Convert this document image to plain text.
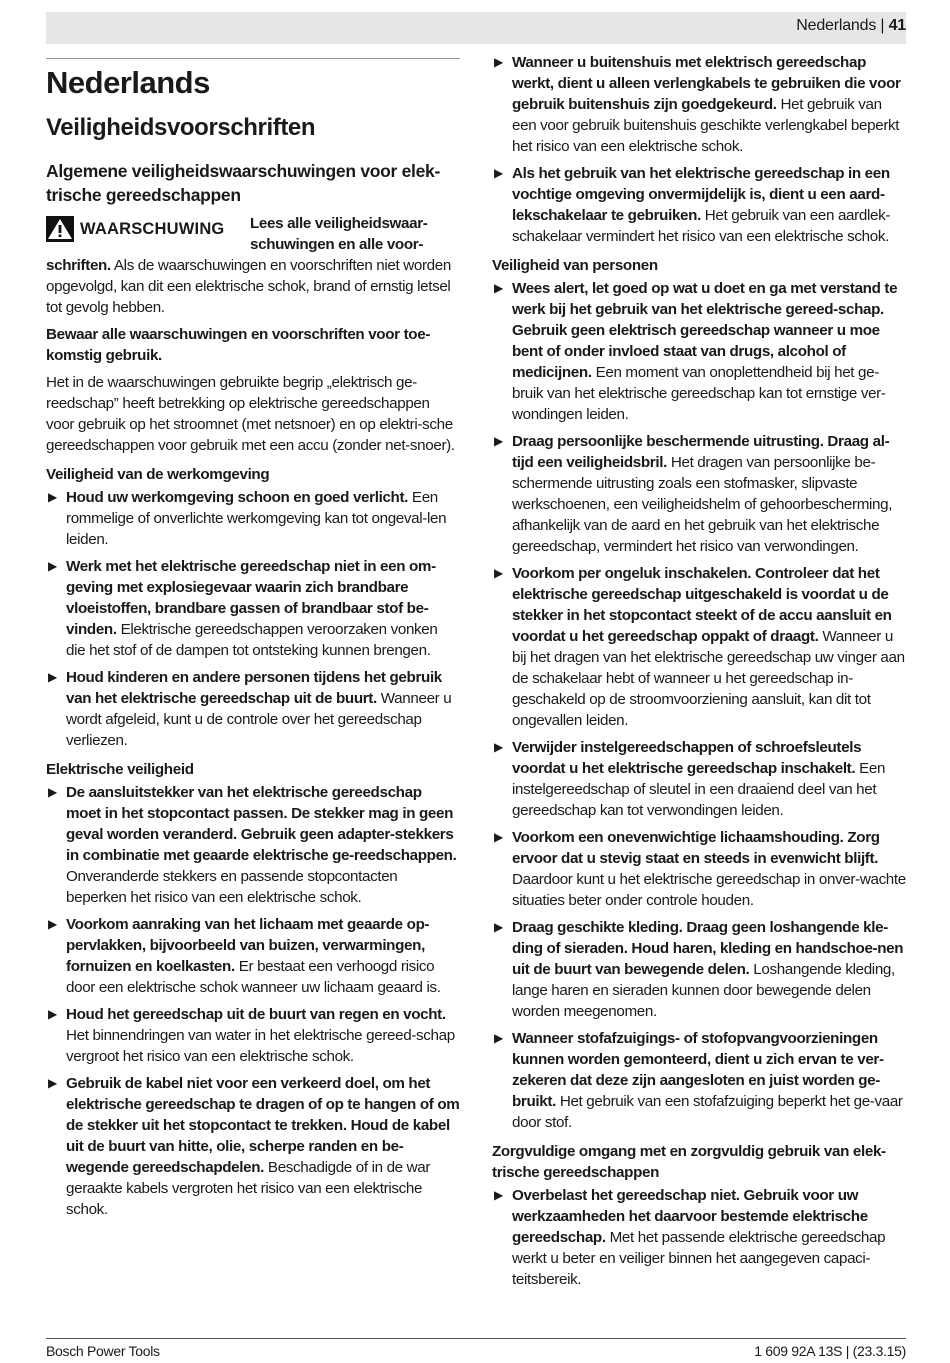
Nederlands | 41
Nederlands
Veiligheidsvoorschriften
Algemene veiligheidswaarschuwingen voor elek-trische gereedschappen
WAARSCHUWING	Lees alle veiligheidswaar-schuwingen en alle voor-schriften. Als de waarschuwingen en voorschriften niet worden opgevolgd, kan dit een elektrische schok, brand of ernstig letsel tot gevolg hebben.

Bewaar alle waarschuwingen en voorschriften voor toe-komstig gebruik.

Het in de waarschuwingen gebruikte begrip „elektrisch ge-reedschap” heeft betrekking op elektrische gereedschappen voor gebruik op het stroomnet (met netsnoer) en op elektri-sche gereedschappen voor gebruik met een accu (zonder net-snoer).

Veiligheid van de werkomgeving
▶ Houd uw werkomgeving schoon en goed verlicht. Een rommelige of onverlichte werkomgeving kan tot ongeval-len leiden.
▶ Werk met het elektrische gereedschap niet in een om-geving met explosiegevaar waarin zich brandbare vloeistoffen, brandbare gassen of brandbaar stof be-vinden. Elektrische gereedschappen veroorzaken vonken die het stof of de dampen tot ontsteking kunnen brengen.
▶ Houd kinderen en andere personen tijdens het gebruik van het elektrische gereedschap uit de buurt. Wanneer u wordt afgeleid, kunt u de controle over het gereedschap verliezen.
Elektrische veiligheid
▶ De aansluitstekker van het elektrische gereedschap moet in het stopcontact passen. De stekker mag in geen geval worden veranderd. Gebruik geen adapter-stekkers in combinatie met geaarde elektrische ge-reedschappen. Onveranderde stekkers en passende stopcontacten beperken het risico van een elektrische schok.
▶ Voorkom aanraking van het lichaam met geaarde op-pervlakken, bijvoorbeeld van buizen, verwarmingen, fornuizen en koelkasten. Er bestaat een verhoogd risico door een elektrische schok wanneer uw lichaam geaard is.
▶ Houd het gereedschap uit de buurt van regen en vocht. Het binnendringen van water in het elektrische gereed-schap vergroot het risico van een elektrische schok.
▶ Gebruik de kabel niet voor een verkeerd doel, om het elektrische gereedschap te dragen of op te hangen of om de stekker uit het stopcontact te trekken. Houd de kabel uit de buurt van hitte, olie, scherpe randen en be-wegende gereedschapdelen. Beschadigde of in de war geraakte kabels vergroten het risico van een elektrische schok.
▶ Wanneer u buitenshuis met elektrisch gereedschap werkt, dient u alleen verlengkabels te gebruiken die voor gebruik buitenshuis zijn goedgekeurd. Het gebruik van een voor gebruik buitenshuis geschikte verlengkabel beperkt het risico van een elektrische schok.
▶ Als het gebruik van het elektrische gereedschap in een vochtige omgeving onvermijdelijk is, dient u een aard-lekschakelaar te gebruiken. Het gebruik van een aardlek-schakelaar vermindert het risico van een elektrische schok.
Veiligheid van personen
▶ Wees alert, let goed op wat u doet en ga met verstand te werk bij het gebruik van het elektrische gereed-schap. Gebruik geen elektrisch gereedschap wanneer u moe bent of onder invloed staat van drugs, alcohol of medicijnen. Een moment van onoplettendheid bij het ge-bruik van het elektrische gereedschap kan tot ernstige ver-wondingen leiden.
▶ Draag persoonlijke beschermende uitrusting. Draag al-tijd een veiligheidsbril. Het dragen van persoonlijke be-schermende uitrusting zoals een stofmasker, slipvaste werkschoenen, een veiligheidshelm of gehoorbescherming, afhankelijk van de aard en het gebruik van het elektrische gereedschap, vermindert het risico van verwondingen.
▶ Voorkom per ongeluk inschakelen. Controleer dat het elektrische gereedschap uitgeschakeld is voordat u de stekker in het stopcontact steekt of de accu aansluit en voordat u het gereedschap oppakt of draagt. Wanneer u bij het dragen van het elektrische gereedschap uw vinger aan de schakelaar hebt of wanneer u het gereedschap in-geschakeld op de stroomvoorziening aansluit, kan dit tot ongevallen leiden.
▶ Verwijder instelgereedschappen of schroefsleutels voordat u het elektrische gereedschap inschakelt. Een instelgereedschap of sleutel in een draaiend deel van het gereedschap kan tot verwondingen leiden.
▶ Voorkom een onevenwichtige lichaamshouding. Zorg ervoor dat u stevig staat en steeds in evenwicht blijft. Daardoor kunt u het elektrische gereedschap in onver-wachte situaties beter onder controle houden.
▶ Draag geschikte kleding. Draag geen loshangende kle-ding of sieraden. Houd haren, kleding en handschoe-nen uit de buurt van bewegende delen. Loshangende kleding, lange haren en sieraden kunnen door bewegende delen worden meegenomen.
▶ Wanneer stofafzuigings- of stofopvangvoorzieningen kunnen worden gemonteerd, dient u zich ervan te ver-zekeren dat deze zijn aangesloten en juist worden ge-bruikt. Het gebruik van een stofafzuiging beperkt het ge-vaar door stof.
Zorgvuldige omgang met en zorgvuldig gebruik van elek-trische gereedschappen
▶ Overbelast het gereedschap niet. Gebruik voor uw werkzaamheden het daarvoor bestemde elektrische gereedschap. Met het passende elektrische gereedschap werkt u beter en veiliger binnen het aangegeven capaci-teitsbereik.
Bosch Power Tools	1 609 92A 13S | (23.3.15)
